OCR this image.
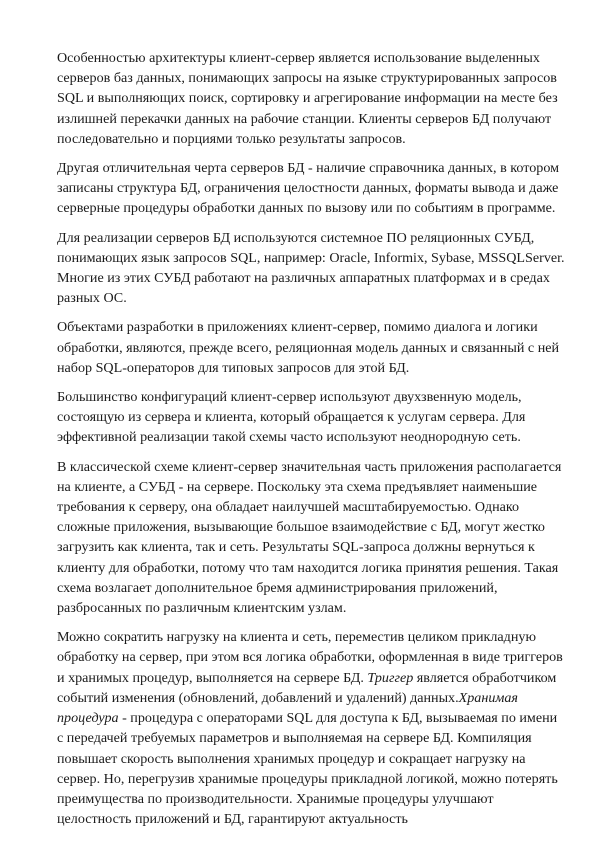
Особенностью архитектуры клиент-сервер является использование выделенных серверов баз данных, понимающих запросы на языке структурированных запросов SQL и выполняющих поиск, сортировку и агрегирование информации на месте без излишней перекачки данных на рабочие станции. Клиенты серверов БД получают последовательно и порциями только результаты запросов.

Другая отличительная черта серверов БД - наличие справочника данных, в котором записаны структура БД, ограничения целостности данных, форматы вывода и даже серверные процедуры обработки данных по вызову или по событиям в программе.

Для реализации серверов БД используются системное ПО реляционных СУБД, понимающих язык запросов SQL, например: Oracle, Informix, Sybase, MSSQLServer. Многие из этих СУБД работают на различных аппаратных платформах и в средах разных ОС.

Объектами разработки в приложениях клиент-сервер, помимо диалога и логики обработки, являются, прежде всего, реляционная модель данных и связанный с ней набор SQL-операторов для типовых запросов для этой БД.

Большинство конфигураций клиент-сервер используют двухзвенную модель, состоящую из сервера и клиента, который обращается к услугам сервера. Для эффективной реализации такой схемы часто используют неоднородную сеть.

В классической схеме клиент-сервер значительная часть приложения располагается на клиенте, а СУБД - на сервере. Поскольку эта схема предъявляет наименьшие требования к серверу, она обладает наилучшей масштабируемостью. Однако сложные приложения, вызывающие большое взаимодействие с БД, могут жестко загрузить как клиента, так и сеть. Результаты SQL-запроса должны вернуться к клиенту для обработки, потому что там находится логика принятия решения. Такая схема возлагает дополнительное бремя администрирования приложений, разбросанных по различным клиентским узлам.

Можно сократить нагрузку на клиента и сеть, переместив целиком прикладную обработку на сервер, при этом вся логика обработки, оформленная в виде триггеров и хранимых процедур, выполняется на сервере БД. Триггер является обработчиком событий изменения (обновлений, добавлений и удалений) данных.Хранимая процедура - процедура с операторами SQL для доступа к БД, вызываемая по имени с передачей требуемых параметров и выполняемая на сервере БД. Компиляция повышает скорость выполнения хранимых процедур и сокращает нагрузку на сервер. Но, перегрузив хранимые процедуры прикладной логикой, можно потерять преимущества по производительности. Хранимые процедуры улучшают целостность приложений и БД, гарантируют актуальность
